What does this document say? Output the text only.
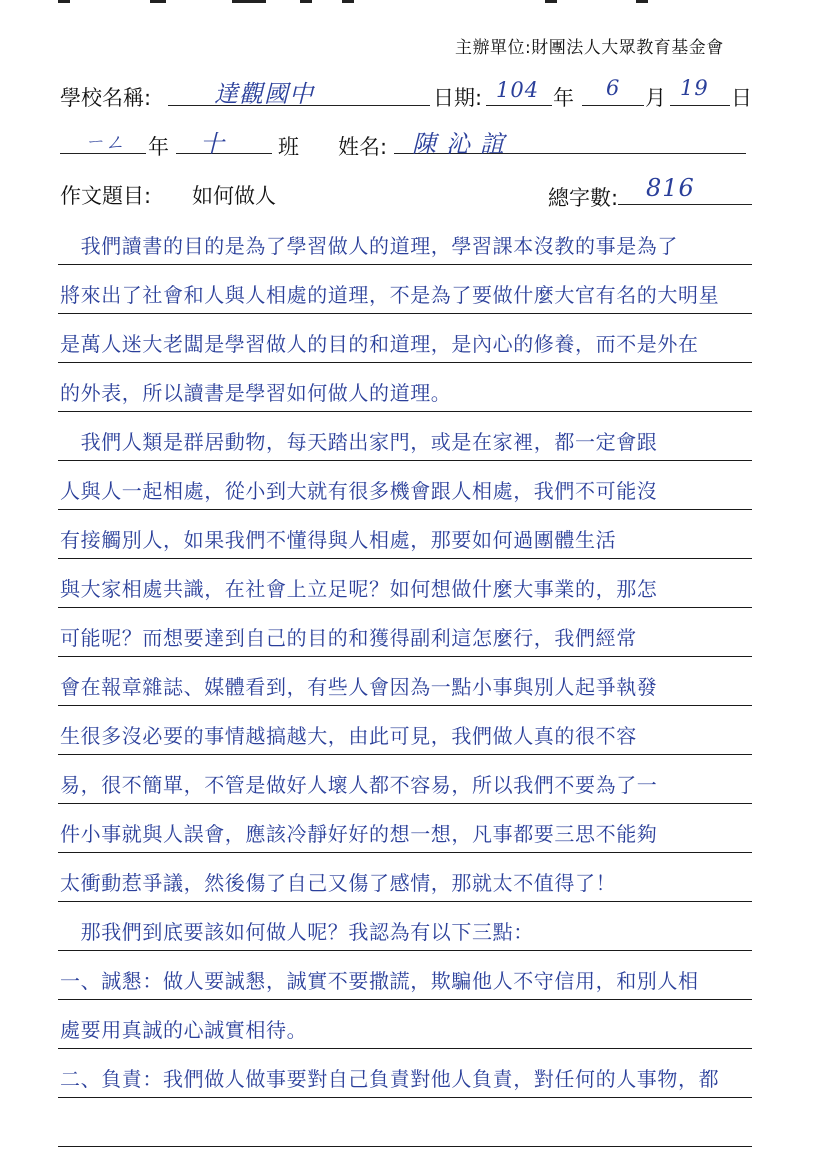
主辦單位:財團法人大眾教育基金會
學校名稱:	達觀國中	日期: 104 年 6 月 19 日
ㄧㄥ 年 十	班 姓名: 陳沁誼
作文題目: 如何做人	總字數: 816
　我們讀書的目的是為了學習做人的道理，學習課本沒教的事是為了
將來出了社會和人與人相處的道理，不是為了要做什麼大官有名的大明星
是萬人迷大老闆是學習做人的目的和道理，是內心的修養，而不是外在
的外表，所以讀書是學習如何做人的道理。
　我們人類是群居動物，每天踏出家門，或是在家裡，都一定會跟
人與人一起相處，從小到大就有很多機會跟人相處，我們不可能沒
有接觸別人，如果我們不懂得與人相處，那要如何過團體生活
與大家相處共識，在社會上立足呢？如何想做什麼大事業的，那怎
可能呢？而想要達到自己的目的和獲得副利這怎麼行，我們經常
會在報章雜誌、媒體看到，有些人會因為一點小事與別人起爭執發
生很多沒必要的事情越搞越大，由此可見，我們做人真的很不容
易，很不簡單，不管是做好人壞人都不容易，所以我們不要為了一
件小事就與人誤會，應該冷靜好好的想一想，凡事都要三思不能夠
太衝動惹爭議，然後傷了自己又傷了感情，那就太不值得了！
　那我們到底要該如何做人呢？我認為有以下三點：
一、誠懇：做人要誠懇，誠實不要撒謊，欺騙他人不守信用，和別人相
處要用真誠的心誠實相待。
二、負責：我們做人做事要對自己負責對他人負責，對任何的人事物，都
